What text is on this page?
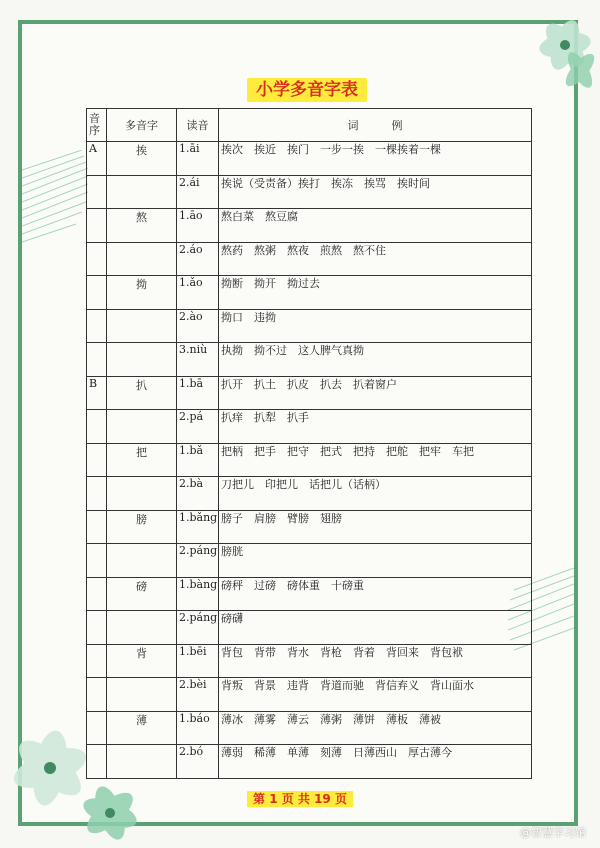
小学多音字表
音序	多音字	读音	词　　　例
A	挨	1.āi	挨次　挨近　挨门　一步一挨　一棵挨着一棵
		2.ái	挨说（受责备）挨打　挨冻　挨骂　挨时间
	熬	1.āo	熬白菜　熬豆腐
		2.áo	熬药　熬粥　熬夜　煎熬　熬不住
	拗	1.ǎo	拗断　拗开　拗过去
		2.ào	拗口　违拗
		3.niù	执拗　拗不过　这人脾气真拗
B	扒	1.bā	扒开　扒土　扒皮　扒去　扒着窗户
		2.pá	扒痒　扒犁　扒手
	把	1.bǎ	把柄　把手　把守　把式　把持　把舵　把牢　车把
		2.bà	刀把儿　印把儿　话把儿（话柄）
	膀	1.bǎng	膀子　肩膀　臂膀　翅膀
		2.páng	膀胱
	磅	1.bàng	磅秤　过磅　磅体重　十磅重
		2.páng	磅礴
	背	1.bēi	背包　背带　背水　背枪　背着　背回来　背包袱
		2.bèi	背叛　背景　违背　背道而驰　背信弃义　背山面水
	薄	1.báo	薄冰　薄雾　薄云　薄粥　薄饼　薄板　薄被
		2.bó	薄弱　稀薄　单薄　刻薄　日薄西山　厚古薄今
第 1 页 共 19 页
@智慧学习馆
